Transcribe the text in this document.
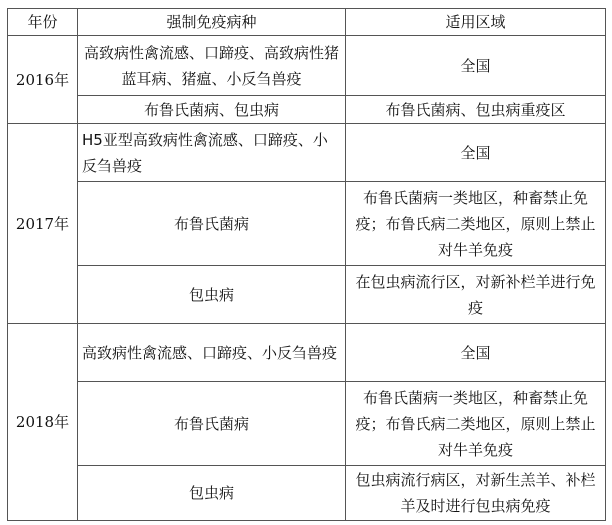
年份	强制免疫病种	适用区域
2016年	高致病性禽流感、口蹄疫、高致病性猪蓝耳病、猪瘟、小反刍兽疫	全国
	布鲁氏菌病、包虫病	布鲁氏菌病、包虫病重疫区
2017年	H5亚型高致病性禽流感、口蹄疫、小反刍兽疫	全国
	布鲁氏菌病	布鲁氏菌病一类地区，种畜禁止免疫；布鲁氏病二类地区，原则上禁止对牛羊免疫
	包虫病	在包虫病流行区，对新补栏羊进行免疫
2018年	高致病性禽流感、口蹄疫、小反刍兽疫	全国
	布鲁氏菌病	布鲁氏菌病一类地区，种畜禁止免疫；布鲁氏病二类地区，原则上禁止对牛羊免疫
	包虫病	包虫病流行病区，对新生羔羊、补栏羊及时进行包虫病免疫
